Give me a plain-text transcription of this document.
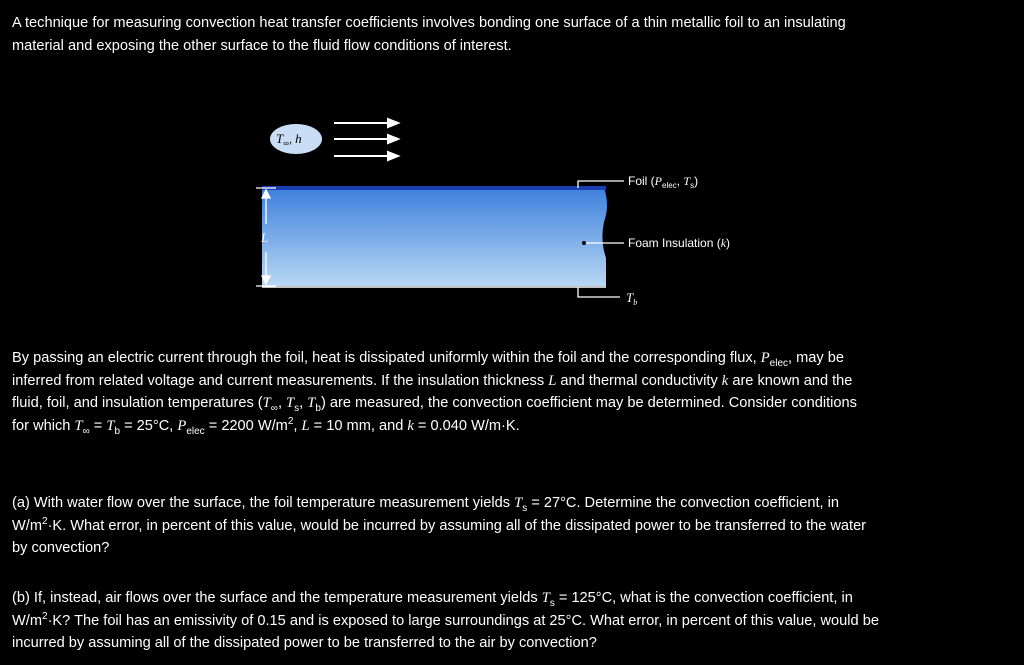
A technique for measuring convection heat transfer coefficients involves bonding one surface of a thin metallic foil to an insulating
material and exposing the other surface to the fluid flow conditions of interest.

$T_\infty^,$ h
L
Foil ($P_{elec}$, $T_s$)
Foam Insulation (k)
$T_b$

By passing an electric current through the foil, heat is dissipated uniformly within the foil and the corresponding flux, $P_{elec}$, may be
inferred from related voltage and current measurements. If the insulation thickness L and thermal conductivity k are known and the
fluid, foil, and insulation temperatures ($T_\infty$, $T_s$, $T_b$) are measured, the convection coefficient may be determined. Consider conditions
for which $T_\infty = T_b = 25^\circ C$, $P_{elec} = 2200$ $W/m^2$, L = 10 mm, and k = 0.040 W/m·K.

(a) With water flow over the surface, the foil temperature measurement yields $T_s = 27^\circ C$. Determine the convection coefficient, in
$W/m^2\cdot K$. What error, in percent of this value, would be incurred by assuming all of the dissipated power to be transferred to the water
by convection?

(b) If, instead, air flows over the surface and the temperature measurement yields $T_s = 125^\circ C$, what is the convection coefficient, in
$W/m^2\cdot K$? The foil has an emissivity of 0.15 and is exposed to large surroundings at 25°C. What error, in percent of this value, would be
incurred by assuming all of the dissipated power to be transferred to the air by convection?
